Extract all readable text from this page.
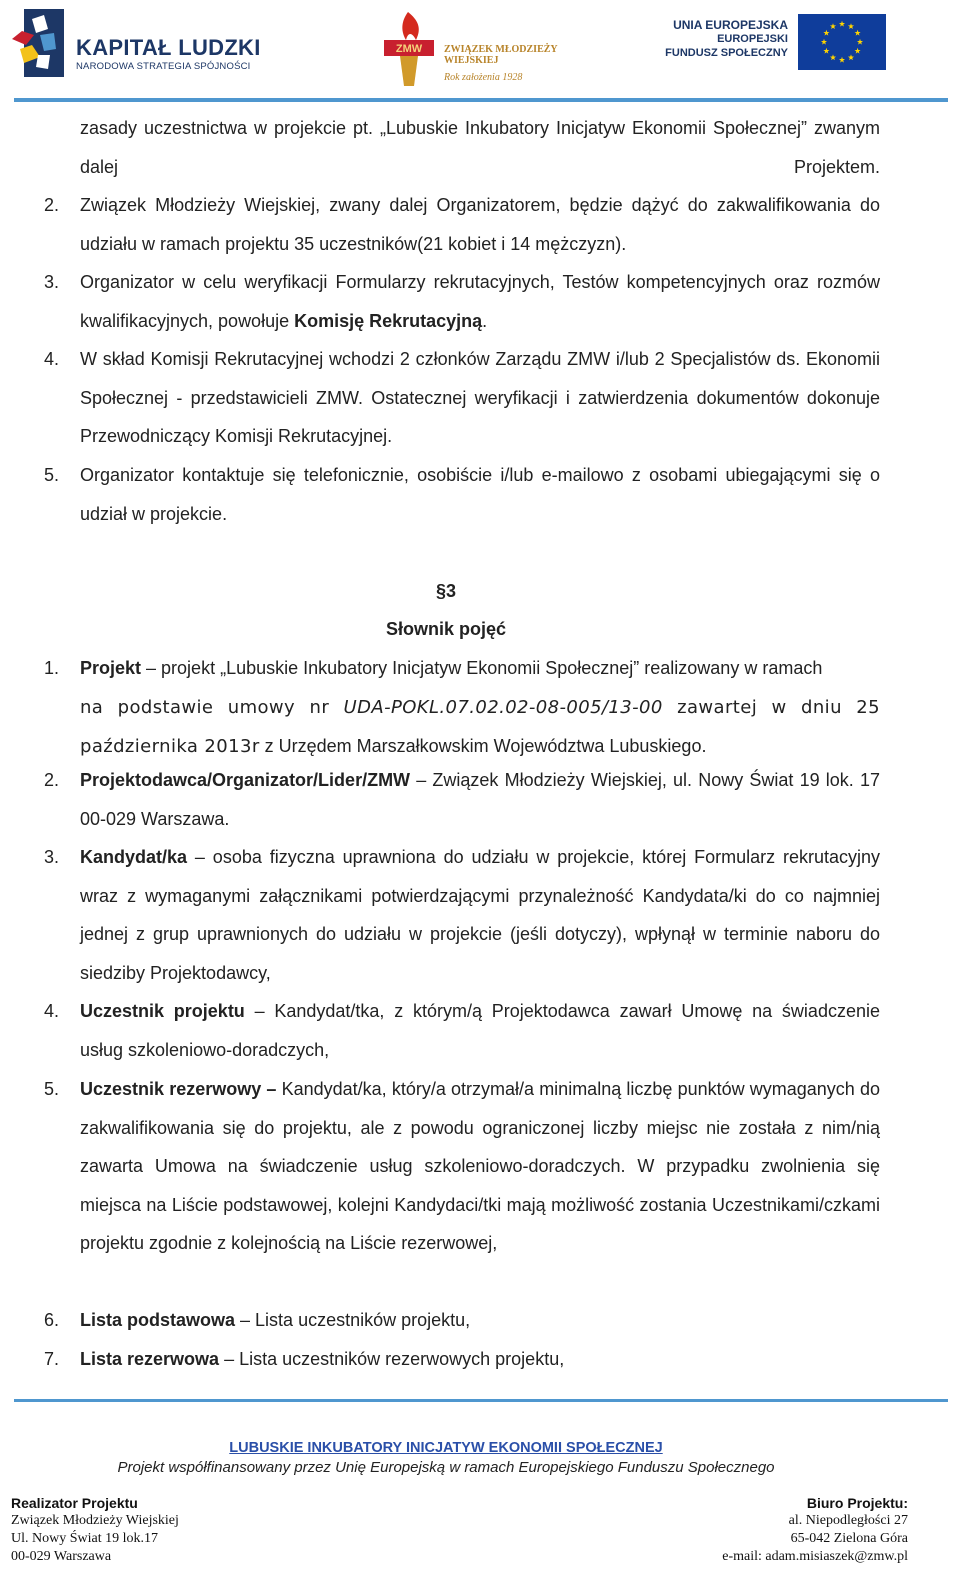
KAPITAŁ LUDZKI
NARODOWA STRATEGIA SPÓJNOŚCI
ZMW ZWIĄZEK MŁODZIEŻY
WIEJSKIEJ
Rok założenia 1928
UNIA EUROPEJSKA
EUROPEJSKI
FUNDUSZ SPOŁECZNY
zasady uczestnictwa w projekcie pt. „Lubuskie Inkubatory Inicjatyw Ekonomii Społecznej” zwanym dalej Projektem.
2. Związek Młodzieży Wiejskiej, zwany dalej Organizatorem, będzie dążyć do zakwalifikowania do udziału w ramach projektu 35 uczestników(21 kobiet i 14 mężczyzn).
3. Organizator w celu weryfikacji Formularzy rekrutacyjnych, Testów kompetencyjnych oraz rozmów kwalifikacyjnych, powołuje Komisję Rekrutacyjną.
4. W skład Komisji Rekrutacyjnej wchodzi 2 członków Zarządu ZMW i/lub 2 Specjalistów ds. Ekonomii Społecznej - przedstawicieli ZMW. Ostatecznej weryfikacji i zatwierdzenia dokumentów dokonuje Przewodniczący Komisji Rekrutacyjnej.
5. Organizator kontaktuje się telefonicznie, osobiście i/lub e-mailowo z osobami ubiegającymi się o udział w projekcie.
§3
Słownik pojęć
1. Projekt – projekt „Lubuskie Inkubatory Inicjatyw Ekonomii Społecznej” realizowany w ramach
na podstawie umowy nr UDA-POKL.07.02.02-08-005/13-00 zawartej w dniu 25 października 2013r z Urzędem Marszałkowskim Województwa Lubuskiego.
2. Projektodawca/Organizator/Lider/ZMW – Związek Młodzieży Wiejskiej, ul. Nowy Świat 19 lok. 17 00-029 Warszawa.
3. Kandydat/ka – osoba fizyczna uprawniona do udziału w projekcie, której Formularz rekrutacyjny wraz z wymaganymi załącznikami potwierdzającymi przynależność Kandydata/ki do co najmniej jednej z grup uprawnionych do udziału w projekcie (jeśli dotyczy), wpłynął w terminie naboru do siedziby Projektodawcy,
4. Uczestnik projektu – Kandydat/tka, z którym/ą Projektodawca zawarł Umowę na świadczenie usług szkoleniowo-doradczych,
5. Uczestnik rezerwowy – Kandydat/ka, który/a otrzymał/a minimalną liczbę punktów wymaganych do zakwalifikowania się do projektu, ale z powodu ograniczonej liczby miejsc nie została z nim/nią zawarta Umowa na świadczenie usług szkoleniowo-doradczych. W przypadku zwolnienia się miejsca na Liście podstawowej, kolejni Kandydaci/tki mają możliwość zostania Uczestnikami/czkami projektu zgodnie z kolejnością na Liście rezerwowej,
6. Lista podstawowa – Lista uczestników projektu,
7. Lista rezerwowa – Lista uczestników rezerwowych projektu,
LUBUSKIE INKUBATORY INICJATYW EKONOMII SPOŁECZNEJ
Projekt współfinansowany przez Unię Europejską w ramach Europejskiego Funduszu Społecznego
Realizator Projektu
Związek Młodzieży Wiejskiej
Ul. Nowy Świat 19 lok.17
00-029 Warszawa
Biuro Projektu:
al. Niepodległości 27
65-042 Zielona Góra
e-mail: adam.misiaszek@zmw.pl
